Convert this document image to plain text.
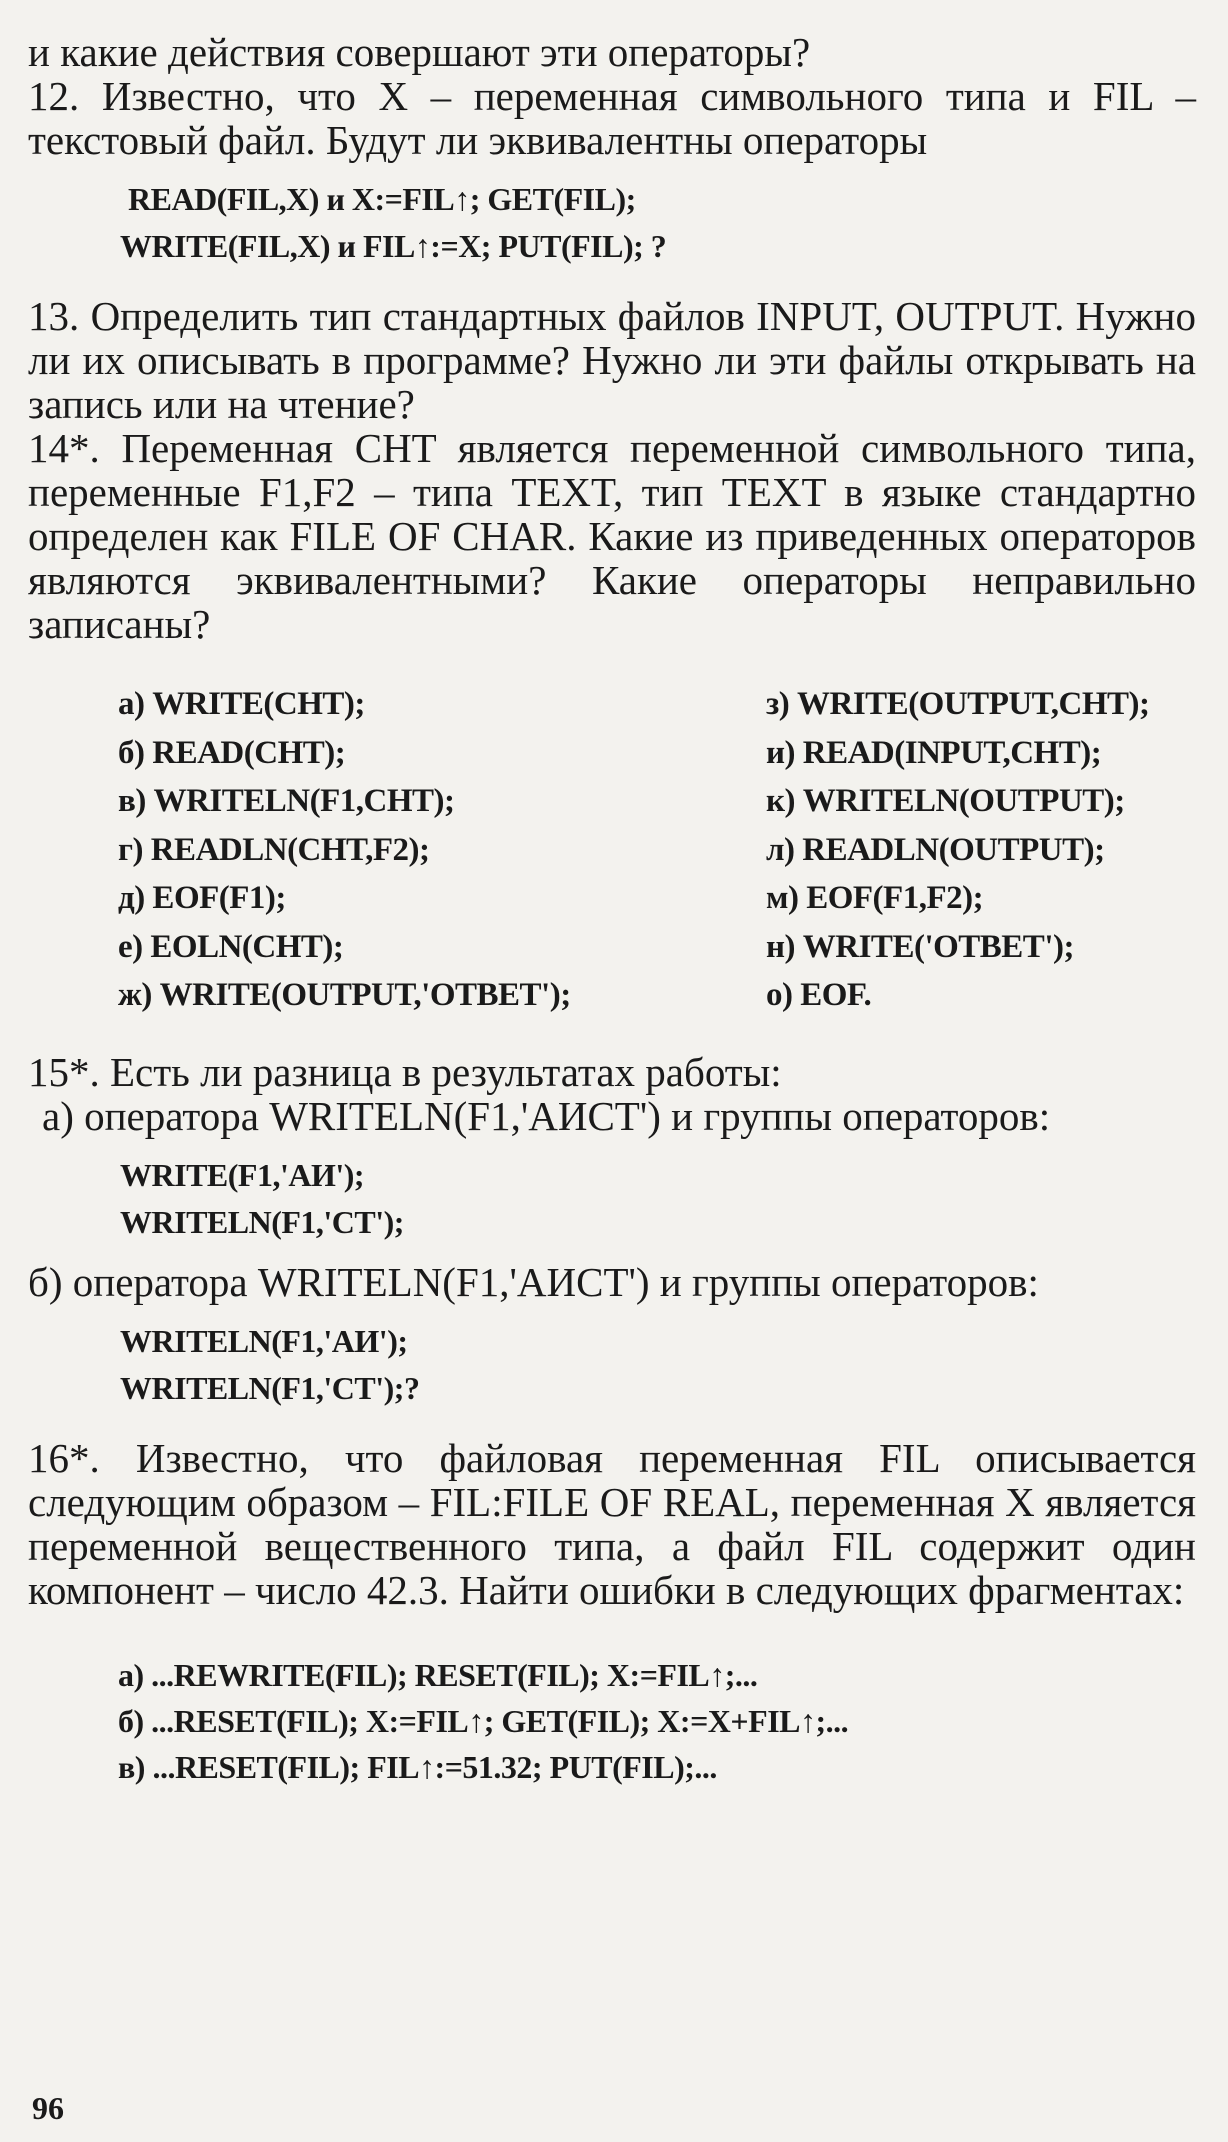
и какие действия совершают эти операторы?

12. Известно, что X – переменная символьного типа и FIL – текстовый файл. Будут ли эквивалентны операторы

READ(FIL,X) и X:=FIL↑; GET(FIL);

WRITE(FIL,X) и FIL↑:=X; PUT(FIL); ?

13. Определить тип стандартных файлов INPUT, OUTPUT. Нужно ли их описывать в программе? Нужно ли эти файлы открывать на запись или на чтение?

14*. Переменная CHT является переменной символьного типа, переменные F1,F2 – типа TEXT, тип TEXT в языке стандартно определен как FILE OF CHAR. Какие из приведенных операторов являются эквивалентными? Какие операторы неправильно записаны?

а) WRITE(CHT);
б) READ(CHT);
в) WRITELN(F1,CHT);
г) READLN(CHT,F2);
д) EOF(F1);
е) EOLN(CHT);
ж) WRITE(OUTPUT,'OTBET');
з) WRITE(OUTPUT,CHT);
и) READ(INPUT,CHT);
к) WRITELN(OUTPUT);
л) READLN(OUTPUT);
м) EOF(F1,F2);
н) WRITE('OTBET');
о) EOF.

15*. Есть ли разница в результатах работы:

а) оператора WRITELN(F1,'АИСТ') и группы операторов:

WRITE(F1,'АИ');

WRITELN(F1,'СТ');

б) оператора WRITELN(F1,'АИСТ') и группы операторов:

WRITELN(F1,'АИ');

WRITELN(F1,'СТ');?

16*. Известно, что файловая переменная FIL описывается следующим образом – FIL:FILE OF REAL, переменная X является переменной вещественного типа, а файл FIL содержит один компонент – число 42.3. Найти ошибки в следующих фрагментах:

а) ...REWRITE(FIL); RESET(FIL); X:=FIL↑;...

б) ...RESET(FIL); X:=FIL↑; GET(FIL); X:=X+FIL↑;...

в) ...RESET(FIL); FIL↑:=51.32; PUT(FIL);...

96
